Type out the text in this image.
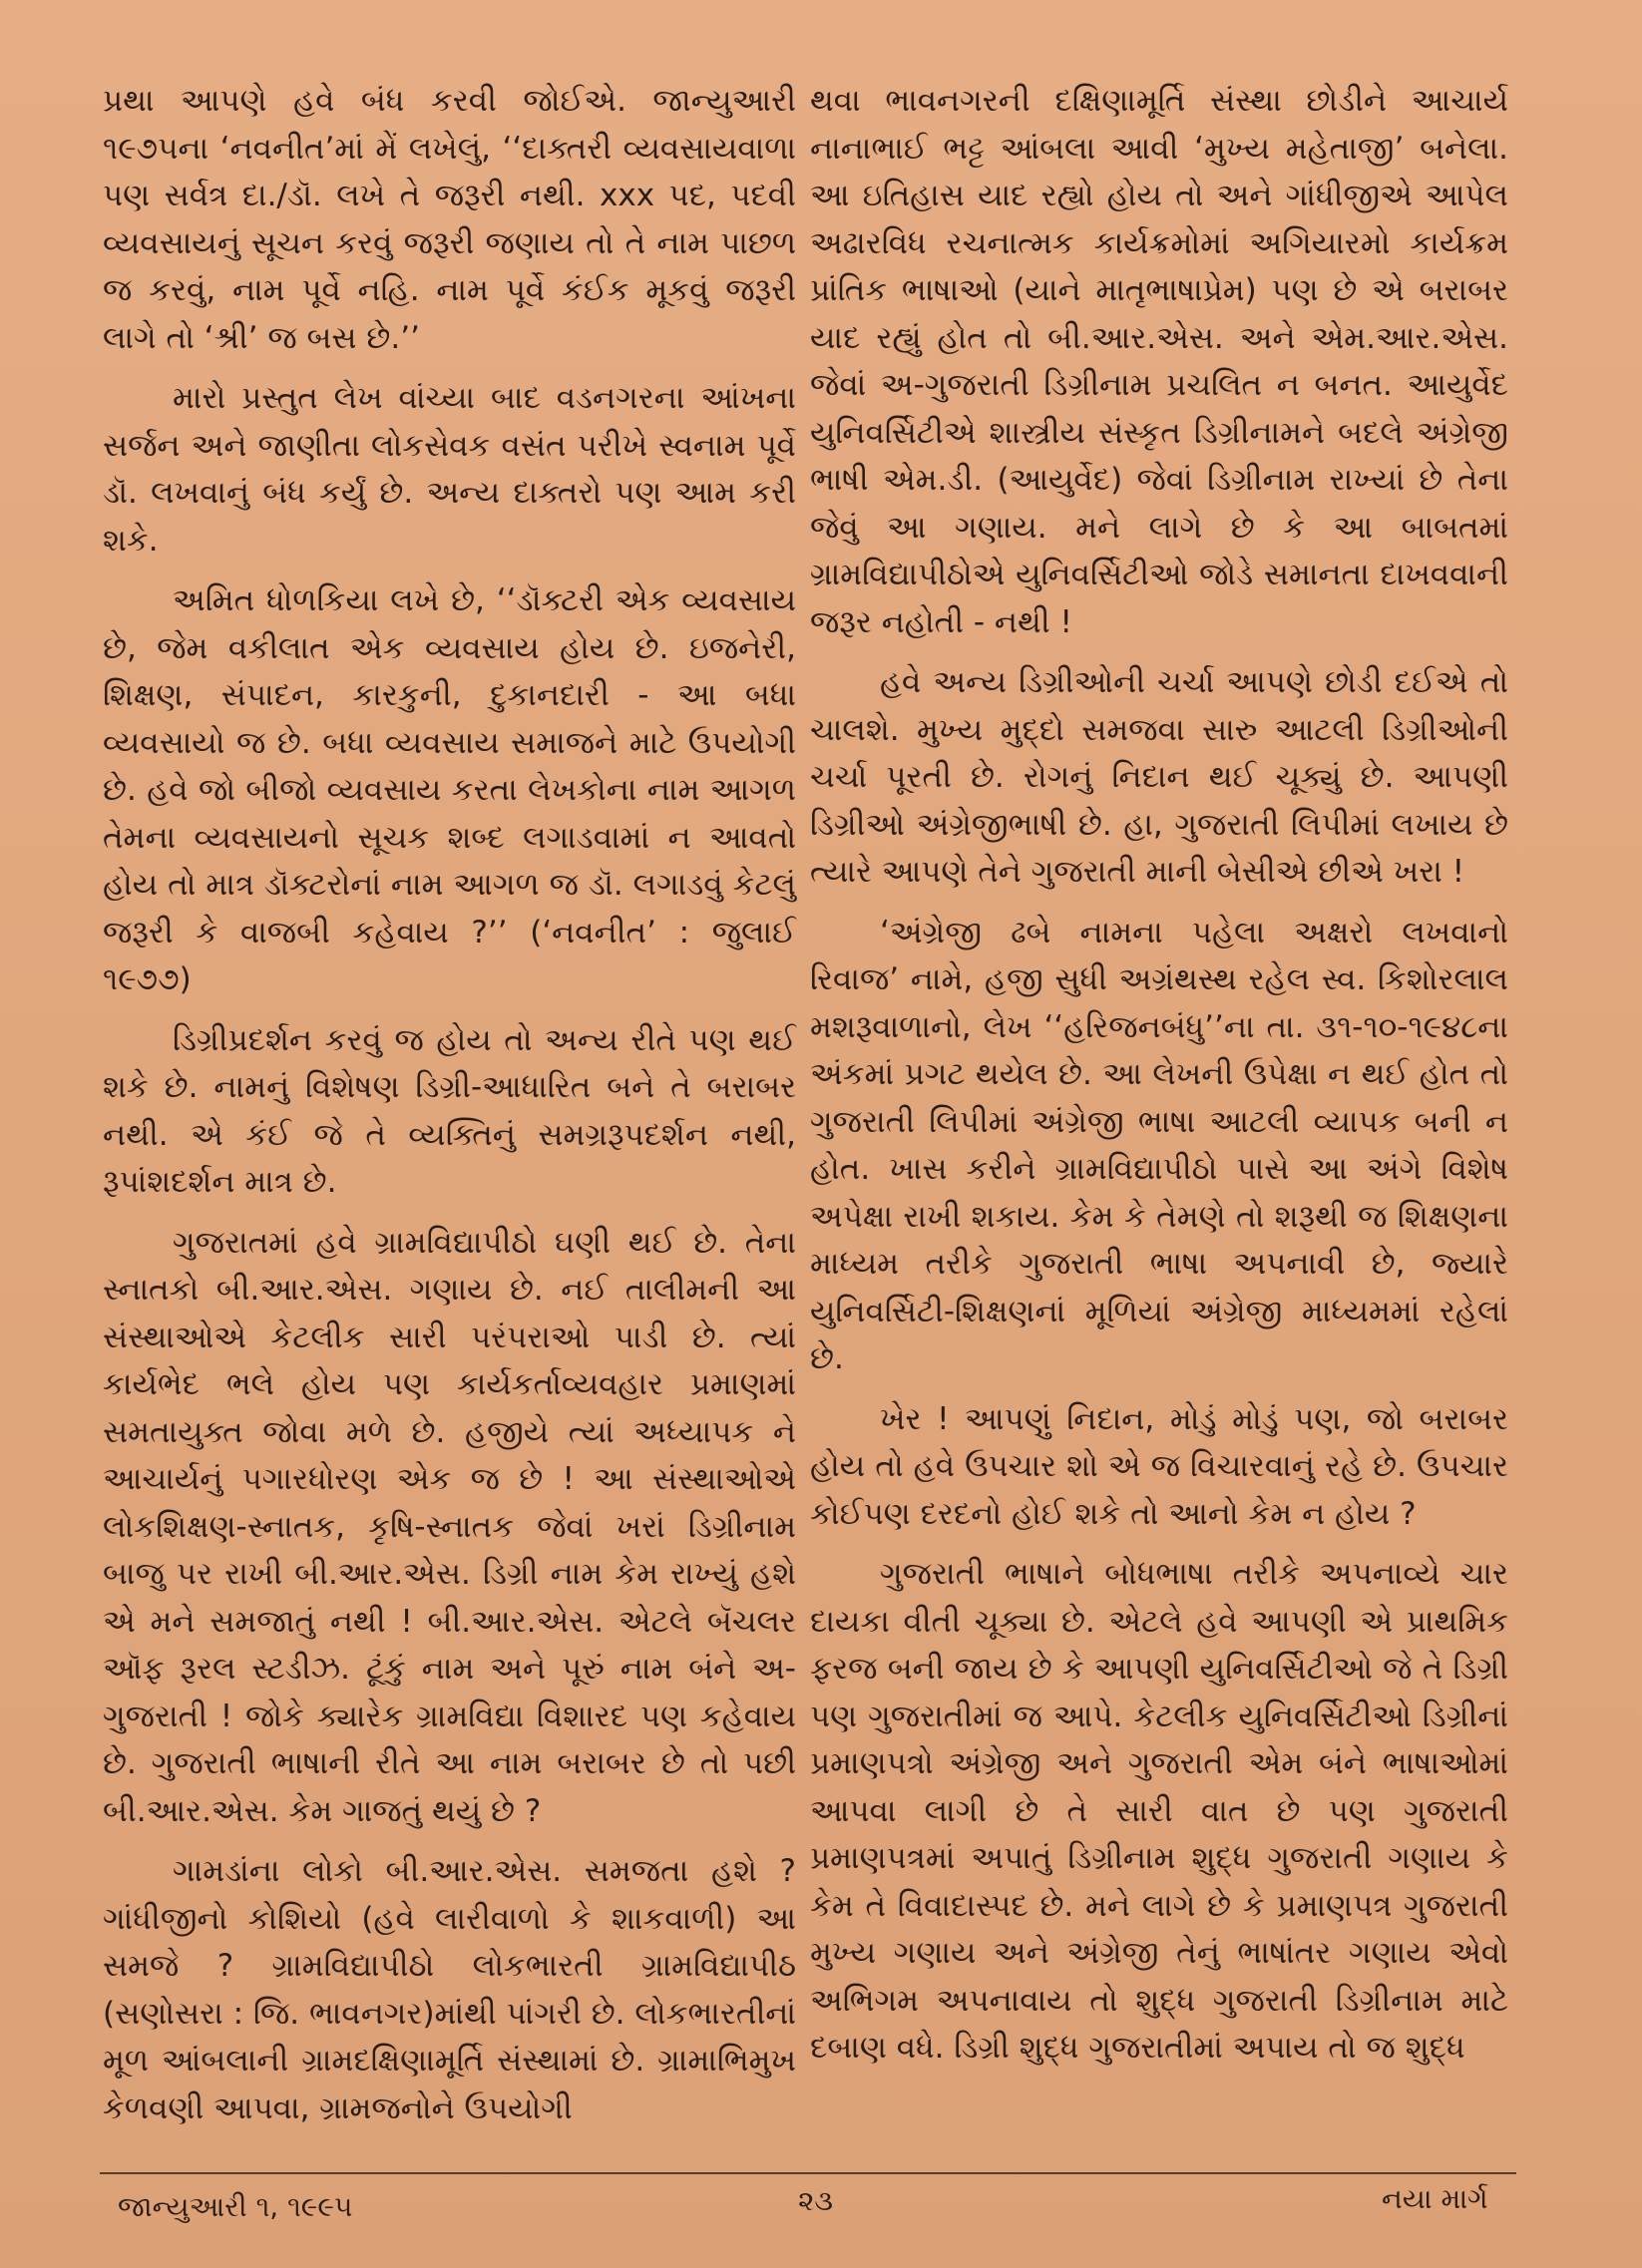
પ્રથા આપણે હવે બંધ કરવી જોઈએ. જાન્યુઆરી ૧૯૭૫ના ‘નવનીત’માં મેં લખેલું, ‘‘દાક્તરી વ્યવસાયવાળા પણ સર્વત્ર દા./ડૉ. લખે તે જરૂરી નથી. xxx પદ, પદવી વ્યવસાયનું સૂચન કરવું જરૂરી જણાય તો તે નામ પાછળ જ કરવું, નામ પૂર્વે નહિ. નામ પૂર્વે કંઈક મૂકવું જરૂરી લાગે તો ‘શ્રી’ જ બસ છે.’’

મારો પ્રસ્તુત લેખ વાંચ્યા બાદ વડનગરના આંખના સર્જન અને જાણીતા લોકસેવક વસંત પરીખે સ્વનામ પૂર્વે ડૉ. લખવાનું બંધ કર્યું છે. અન્ય દાક્તરો પણ આમ કરી શકે.

અમિત ધોળકિયા લખે છે, ‘‘ડૉક્ટરી એક વ્યવસાય છે, જેમ વકીલાત એક વ્યવસાય હોય છે. ઇજનેરી, શિક્ષણ, સંપાદન, કારકુની, દુકાનદારી - આ બધા વ્યવસાયો જ છે. બધા વ્યવસાય સમાજને માટે ઉપયોગી છે. હવે જો બીજો વ્યવસાય કરતા લેખકોના નામ આગળ તેમના વ્યવસાયનો સૂચક શબ્દ લગાડવામાં ન આવતો હોય તો માત્ર ડૉક્ટરોનાં નામ આગળ જ ડૉ. લગાડવું કેટલું જરૂરી કે વાજબી કહેવાય ?’’ (‘નવનીત’ : જુલાઈ ૧૯૭૭)

ડિગ્રીપ્રદર્શન કરવું જ હોય તો અન્ય રીતે પણ થઈ શકે છે. નામનું વિશેષણ ડિગ્રી-આધારિત બને તે બરાબર નથી. એ કંઈ જે તે વ્યક્તિનું સમગ્રરૂપદર્શન નથી, રૂપાંશદર્શન માત્ર છે.

ગુજરાતમાં હવે ગ્રામવિદ્યાપીઠો ઘણી થઈ છે. તેના સ્નાતકો બી.આર.એસ. ગણાય છે. નઈ તાલીમની આ સંસ્થાઓએ કેટલીક સારી પરંપરાઓ પાડી છે. ત્યાં કાર્યભેદ ભલે હોય પણ કાર્યકર્તાવ્યવહાર પ્રમાણમાં સમતાયુક્ત જોવા મળે છે. હજીયે ત્યાં અધ્યાપક ને આચાર્યનું પગારધોરણ એક જ છે ! આ સંસ્થાઓએ લોકશિક્ષણ-સ્નાતક, કૃષિ-સ્નાતક જેવાં ખરાં ડિગ્રીનામ બાજુ પર રાખી બી.આર.એસ. ડિગ્રી નામ કેમ રાખ્યું હશે એ મને સમજાતું નથી ! બી.આર.એસ. એટલે બૅચલર ઑફ રૂરલ સ્ટડીઝ. ટૂંકું નામ અને પૂરું નામ બંને અ-ગુજરાતી ! જોકે ક્યારેક ગ્રામવિદ્યા વિશારદ પણ કહેવાય છે. ગુજરાતી ભાષાની રીતે આ નામ બરાબર છે તો પછી બી.આર.એસ. કેમ ગાજતું થયું છે ?

ગામડાંના લોકો બી.આર.એસ. સમજતા હશે ? ગાંધીજીનો કોશિયો (હવે લારીવાળો કે શાકવાળી) આ સમજે ? ગ્રામવિદ્યાપીઠો લોકભારતી ગ્રામવિદ્યાપીઠ (સણોસરા : જિ. ભાવનગર)માંથી પાંગરી છે. લોકભારતીનાં મૂળ આંબલાની ગ્રામદક્ષિણામૂર્તિ સંસ્થામાં છે. ગ્રામાભિમુખ કેળવણી આપવા, ગ્રામજનોને ઉપયોગી

થવા ભાવનગરની દક્ષિણામૂર્તિ સંસ્થા છોડીને આચાર્ય નાનાભાઈ ભટ્ટ આંબલા આવી ‘મુખ્ય મહેતાજી’ બનેલા. આ ઇતિહાસ યાદ રહ્યો હોય તો અને ગાંધીજીએ આપેલ અઢારવિધ રચનાત્મક કાર્યક્રમોમાં અગિયારમો કાર્યક્રમ પ્રાંતિક ભાષાઓ (યાને માતૃભાષાપ્રેમ) પણ છે એ બરાબર યાદ રહ્યું હોત તો બી.આર.એસ. અને એમ.આર.એસ. જેવાં અ-ગુજરાતી ડિગ્રીનામ પ્રચલિત ન બનત. આયુર્વેદ યુનિવર્સિટીએ શાસ્ત્રીય સંસ્કૃત ડિગ્રીનામને બદલે અંગ્રેજી ભાષી એમ.ડી. (આયુર્વેદ) જેવાં ડિગ્રીનામ રાખ્યાં છે તેના જેવું આ ગણાય. મને લાગે છે કે આ બાબતમાં ગ્રામવિદ્યાપીઠોએ યુનિવર્સિટીઓ જોડે સમાનતા દાખવવાની જરૂર નહોતી - નથી !

હવે અન્ય ડિગ્રીઓની ચર્ચા આપણે છોડી દઈએ તો ચાલશે. મુખ્ય મુદ્દો સમજવા સારુ આટલી ડિગ્રીઓની ચર્ચા પૂરતી છે. રોગનું નિદાન થઈ ચૂક્યું છે. આપણી ડિગ્રીઓ અંગ્રેજીભાષી છે. હા, ગુજરાતી લિપીમાં લખાય છે ત્યારે આપણે તેને ગુજરાતી માની બેસીએ છીએ ખરા !

‘અંગ્રેજી ઢબે નામના પહેલા અક્ષરો લખવાનો રિવાજ’ નામે, હજી સુધી અગ્રંથસ્થ રહેલ સ્વ. કિશોરલાલ મશરૂવાળાનો, લેખ ‘‘હરિજનબંધુ’’ના તા. ૩૧-૧૦-૧૯૪૮ના અંકમાં પ્રગટ થયેલ છે. આ લેખની ઉપેક્ષા ન થઈ હોત તો ગુજરાતી લિપીમાં અંગ્રેજી ભાષા આટલી વ્યાપક બની ન હોત. ખાસ કરીને ગ્રામવિદ્યાપીઠો પાસે આ અંગે વિશેષ અપેક્ષા રાખી શકાય. કેમ કે તેમણે તો શરૂથી જ શિક્ષણના માધ્યમ તરીકે ગુજરાતી ભાષા અપનાવી છે, જ્યારે યુનિવર્સિટી-શિક્ષણનાં મૂળિયાં અંગ્રેજી માધ્યમમાં રહેલાં છે.

ખેર ! આપણું નિદાન, મોડું મોડું પણ, જો બરાબર હોય તો હવે ઉપચાર શો એ જ વિચારવાનું રહે છે. ઉપચાર કોઈપણ દરદનો હોઈ શકે તો આનો કેમ ન હોય ?

ગુજરાતી ભાષાને બોધભાષા તરીકે અપનાવ્યે ચાર દાયકા વીતી ચૂક્યા છે. એટલે હવે આપણી એ પ્રાથમિક ફરજ બની જાય છે કે આપણી યુનિવર્સિટીઓ જે તે ડિગ્રી પણ ગુજરાતીમાં જ આપે. કેટલીક યુનિવર્સિટીઓ ડિગ્રીનાં પ્રમાણપત્રો અંગ્રેજી અને ગુજરાતી એમ બંને ભાષાઓમાં આપવા લાગી છે તે સારી વાત છે પણ ગુજરાતી પ્રમાણપત્રમાં અપાતું ડિગ્રીનામ શુદ્ધ ગુજરાતી ગણાય કે કેમ તે વિવાદાસ્પદ છે. મને લાગે છે કે પ્રમાણપત્ર ગુજરાતી મુખ્ય ગણાય અને અંગ્રેજી તેનું ભાષાંતર ગણાય એવો અભિગમ અપનાવાય તો શુદ્ધ ગુજરાતી ડિગ્રીનામ માટે દબાણ વધે. ડિગ્રી શુદ્ધ ગુજરાતીમાં અપાય તો જ શુદ્ધ

જાન્યુઆરી ૧, ૧૯૯૫	૨૩	નયા માર્ગ
